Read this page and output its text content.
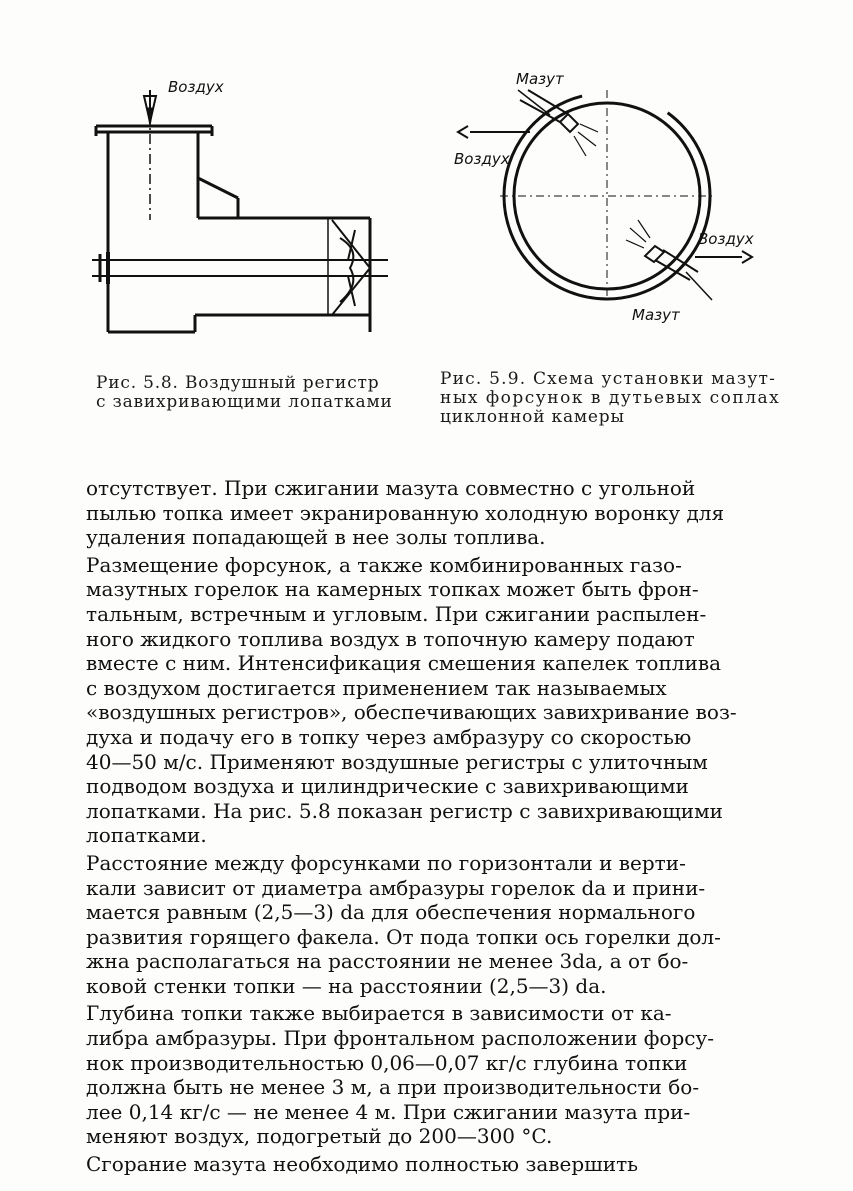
Воздух	Мазут
Воздух
Воздух
Мазут
Рис. 5.8. Воздушный регистр
с завихривающими лопатками
Рис. 5.9. Схема установки мазут-
ных форсунок в дутьевых соплах
циклонной камеры
отсутствует. При сжигании мазута совместно с угольной
пылью топка имеет экранированную холодную воронку для
удаления попадающей в нее золы топлива.
Размещение форсунок, а также комбинированных газо-
мазутных горелок на камерных топках может быть фрон-
тальным, встречным и угловым. При сжигании распылен-
ного жидкого топлива воздух в топочную камеру подают
вместе с ним. Интенсификация смешения капелек топлива
с воздухом достигается применением так называемых
«воздушных регистров», обеспечивающих завихривание воз-
духа и подачу его в топку через амбразуру со скоростью
40—50 м/с. Применяют воздушные регистры с улиточным
подводом воздуха и цилиндрические с завихривающими
лопатками. На рис. 5.8 показан регистр с завихривающими
лопатками.
Расстояние между форсунками по горизонтали и верти-
кали зависит от диаметра амбразуры горелок dа и прини-
мается равным (2,5—3) dа для обеспечения нормального
развития горящего факела. От пода топки ось горелки дол-
жна располагаться на расстоянии не менее 3dа, а от бо-
ковой стенки топки — на расстоянии (2,5—3) dа.
Глубина топки также выбирается в зависимости от ка-
либра амбразуры. При фронтальном расположении форсу-
нок производительностью 0,06—0,07 кг/с глубина топки
должна быть не менее 3 м, а при производительности бо-
лее 0,14 кг/с — не менее 4 м. При сжигании мазута при-
меняют воздух, подогретый до 200—300 °C.
Сгорание мазута необходимо полностью завершить
